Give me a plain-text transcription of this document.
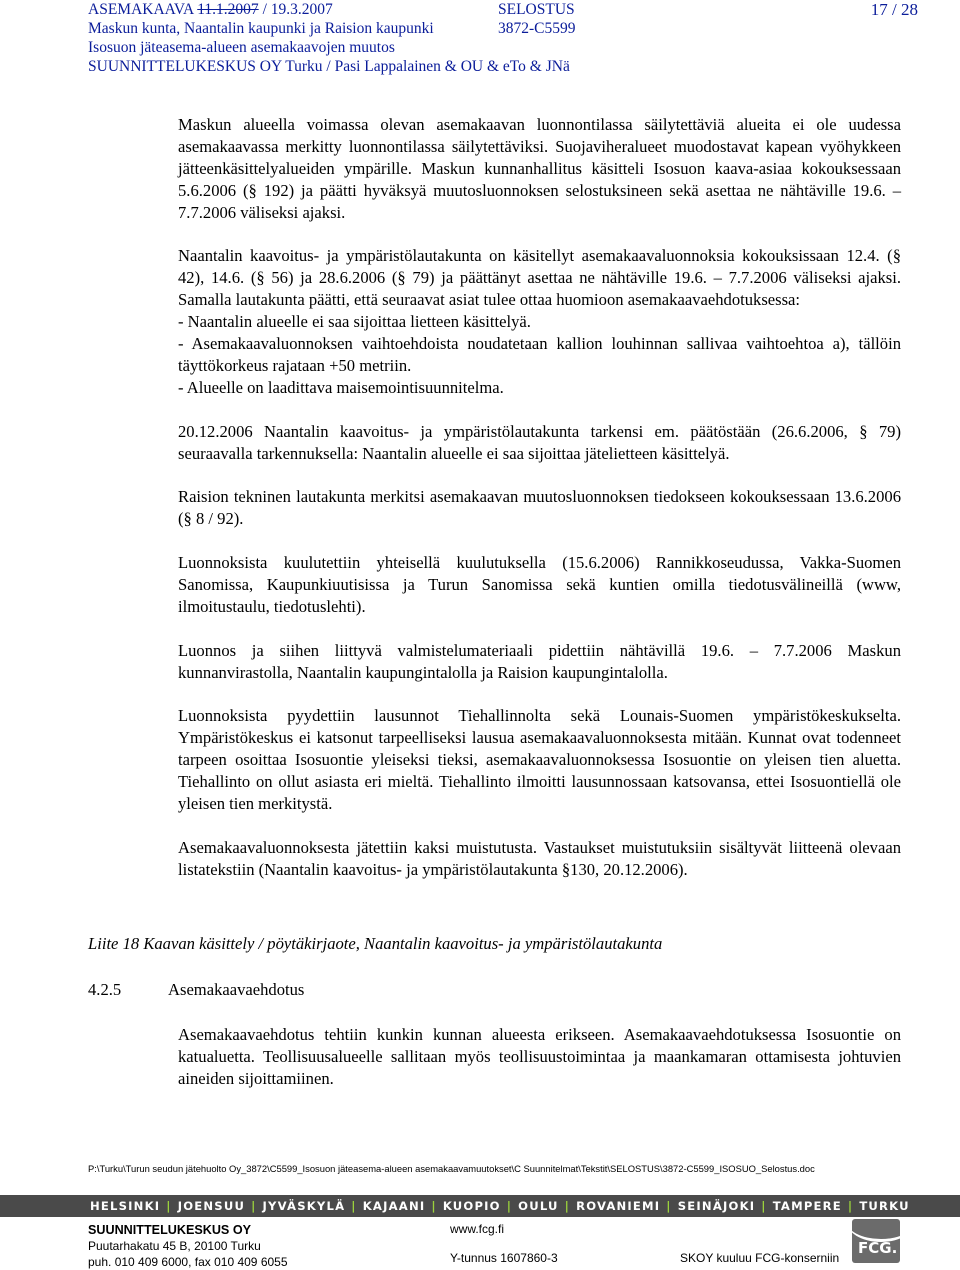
ASEMAKAAVA 11.1.2007 / 19.3.2007	SELOSTUS	17 / 28
Maskun kunta, Naantalin kaupunki ja Raision kaupunki	3872-C5599
Isosuon jäteasema-alueen asemakaavojen muutos
SUUNNITTELUKESKUS OY Turku / Pasi Lappalainen & OU & eTo & JNä

Maskun alueella voimassa olevan asemakaavan luonnontilassa säilytettäviä alueita ei ole uudessa asemakaavassa merkitty luonnontilassa säilytettäviksi. Suojaviheralueet muodostavat kapean vyöhykkeen jätteenkäsittelyalueiden ympärille. Maskun kunnanhallitus käsitteli Isosuon kaava-asiaa kokouksessaan 5.6.2006 (§ 192) ja päätti hyväksyä muutosluonnoksen selostuksineen sekä asettaa ne nähtäville 19.6. – 7.7.2006 väliseksi ajaksi.

Naantalin kaavoitus- ja ympäristölautakunta on käsitellyt asemakaavaluonnoksia kokouksissaan 12.4. (§ 42), 14.6. (§ 56) ja 28.6.2006 (§ 79) ja päättänyt asettaa ne nähtäville 19.6. – 7.7.2006 väliseksi ajaksi. Samalla lautakunta päätti, että seuraavat asiat tulee ottaa huomioon asemakaavaehdotuksessa:

- Naantalin alueelle ei saa sijoittaa lietteen käsittelyä.
- Asemakaavaluonnoksen vaihtoehdoista noudatetaan kallion louhinnan sallivaa vaihtoehtoa a), tällöin täyttökorkeus rajataan +50 metriin.
- Alueelle on laadittava maisemointisuunnitelma.

20.12.2006 Naantalin kaavoitus- ja ympäristölautakunta tarkensi em. päätöstään (26.6.2006, § 79) seuraavalla tarkennuksella: Naantalin alueelle ei saa sijoittaa jätelietteen käsittelyä.

Raision tekninen lautakunta merkitsi asemakaavan muutosluonnoksen tiedokseen kokouksessaan 13.6.2006 (§ 8 / 92).

Luonnoksista kuulutettiin yhteisellä kuulutuksella (15.6.2006) Rannikkoseudussa, Vakka-Suomen Sanomissa, Kaupunkiuutisissa ja Turun Sanomissa sekä kuntien omilla tiedotusvälineillä (www, ilmoitustaulu, tiedotuslehti).

Luonnos ja siihen liittyvä valmistelumateriaali pidettiin nähtävillä 19.6. – 7.7.2006 Maskun kunnanvirastolla, Naantalin kaupungintalolla ja Raision kaupungintalolla.

Luonnoksista pyydettiin lausunnot Tiehallinnolta sekä Lounais-Suomen ympäristökeskukselta. Ympäristökeskus ei katsonut tarpeelliseksi lausua asemakaavaluonnoksesta mitään. Kunnat ovat todenneet tarpeen osoittaa Isosuontie yleiseksi tieksi, asemakaavaluonnoksessa Isosuontie on yleisen tien aluetta. Tiehallinto on ollut asiasta eri mieltä. Tiehallinto ilmoitti lausunnossaan katsovansa, ettei Isosuontiellä ole yleisen tien merkitystä.

Asemakaavaluonnoksesta jätettiin kaksi muistutusta. Vastaukset muistutuksiin sisältyvät liitteenä olevaan listatekstiin (Naantalin kaavoitus- ja ympäristölautakunta §130, 20.12.2006).

Liite 18 Kaavan käsittely / pöytäkirjaote, Naantalin kaavoitus- ja ympäristölautakunta
4.2.5	Asemakaavaehdotus

Asemakaavaehdotus tehtiin kunkin kunnan alueesta erikseen. Asemakaavaehdotuksessa Isosuontie on katualuetta. Teollisuusalueelle sallitaan myös teollisuustoimintaa ja maankamaran ottamisesta johtuvien aineiden sijoittamiinen.

P:\Turku\Turun seudun jätehuolto Oy_3872\C5599_Isosuon jäteasema-alueen asemakaavamuutokset\C Suunnitelmat\Tekstit\SELOSTUS\3872-C5599_ISOSUO_Selostus.doc
HELSINKI | JOENSUU | JYVÄSKYLÄ | KAJAANI | KUOPIO | OULU | ROVANIEMI | SEINÄJOKI | TAMPERE | TURKU
SUUNNITTELUKESKUS OY
Puutarhakatu 45 B, 20100 Turku
puh. 010 409 6000, fax 010 409 6055
www.fcg.fi
Y-tunnus 1607860-3	SKOY kuuluu FCG-konserniin
FCG.
